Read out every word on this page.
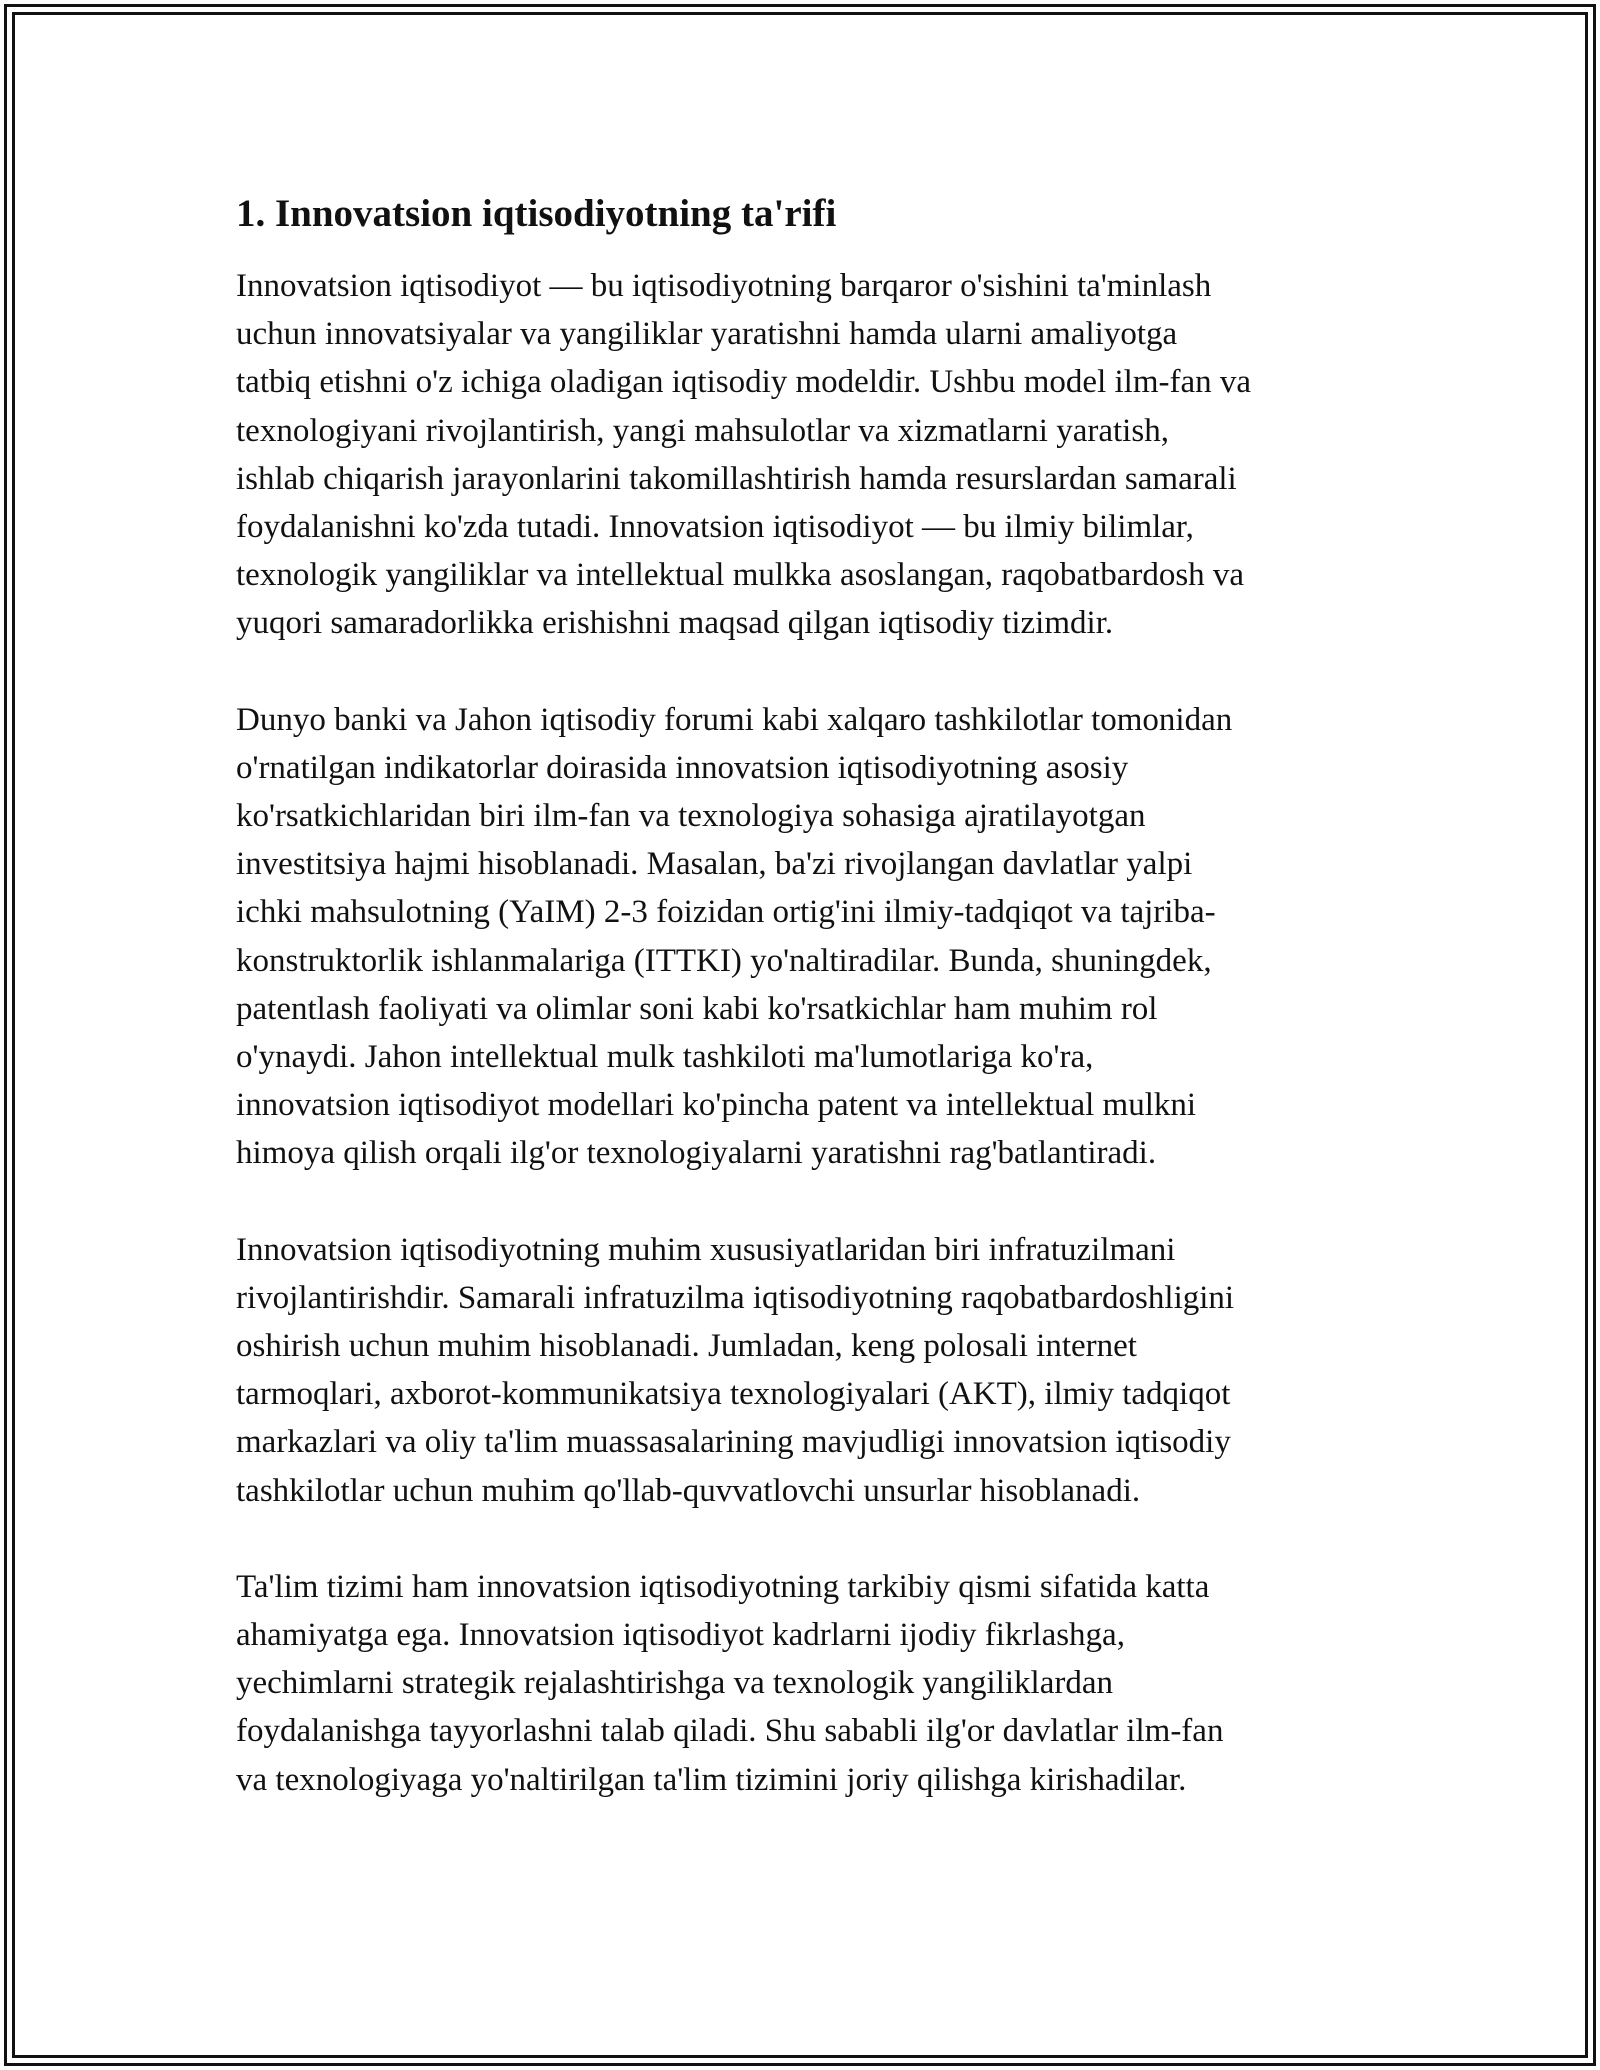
1. Innovatsion iqtisodiyotning ta'rifi

Innovatsion iqtisodiyot — bu iqtisodiyotning barqaror o'sishini ta'minlash
uchun innovatsiyalar va yangiliklar yaratishni hamda ularni amaliyotga
tatbiq etishni o'z ichiga oladigan iqtisodiy modeldir. Ushbu model ilm-fan va
texnologiyani rivojlantirish, yangi mahsulotlar va xizmatlarni yaratish,
ishlab chiqarish jarayonlarini takomillashtirish hamda resurslardan samarali
foydalanishni ko'zda tutadi. Innovatsion iqtisodiyot — bu ilmiy bilimlar,
texnologik yangiliklar va intellektual mulkka asoslangan, raqobatbardosh va
yuqori samaradorlikka erishishni maqsad qilgan iqtisodiy tizimdir.

Dunyo banki va Jahon iqtisodiy forumi kabi xalqaro tashkilotlar tomonidan
o'rnatilgan indikatorlar doirasida innovatsion iqtisodiyotning asosiy
ko'rsatkichlaridan biri ilm-fan va texnologiya sohasiga ajratilayotgan
investitsiya hajmi hisoblanadi. Masalan, ba'zi rivojlangan davlatlar yalpi
ichki mahsulotning (YaIM) 2-3 foizidan ortig'ini ilmiy-tadqiqot va tajriba-
konstruktorlik ishlanmalariga (ITTKI) yo'naltiradilar. Bunda, shuningdek,
patentlash faoliyati va olimlar soni kabi ko'rsatkichlar ham muhim rol
o'ynaydi. Jahon intellektual mulk tashkiloti ma'lumotlariga ko'ra,
innovatsion iqtisodiyot modellari ko'pincha patent va intellektual mulkni
himoya qilish orqali ilg'or texnologiyalarni yaratishni rag'batlantiradi.

Innovatsion iqtisodiyotning muhim xususiyatlaridan biri infratuzilmani
rivojlantirishdir. Samarali infratuzilma iqtisodiyotning raqobatbardoshligini
oshirish uchun muhim hisoblanadi. Jumladan, keng polosali internet
tarmoqlari, axborot-kommunikatsiya texnologiyalari (AKT), ilmiy tadqiqot
markazlari va oliy ta'lim muassasalarining mavjudligi innovatsion iqtisodiy
tashkilotlar uchun muhim qo'llab-quvvatlovchi unsurlar hisoblanadi.

Ta'lim tizimi ham innovatsion iqtisodiyotning tarkibiy qismi sifatida katta
ahamiyatga ega. Innovatsion iqtisodiyot kadrlarni ijodiy fikrlashga,
yechimlarni strategik rejalashtirishga va texnologik yangiliklardan
foydalanishga tayyorlashni talab qiladi. Shu sababli ilg'or davlatlar ilm-fan
va texnologiyaga yo'naltirilgan ta'lim tizimini joriy qilishga kirishadilar.
